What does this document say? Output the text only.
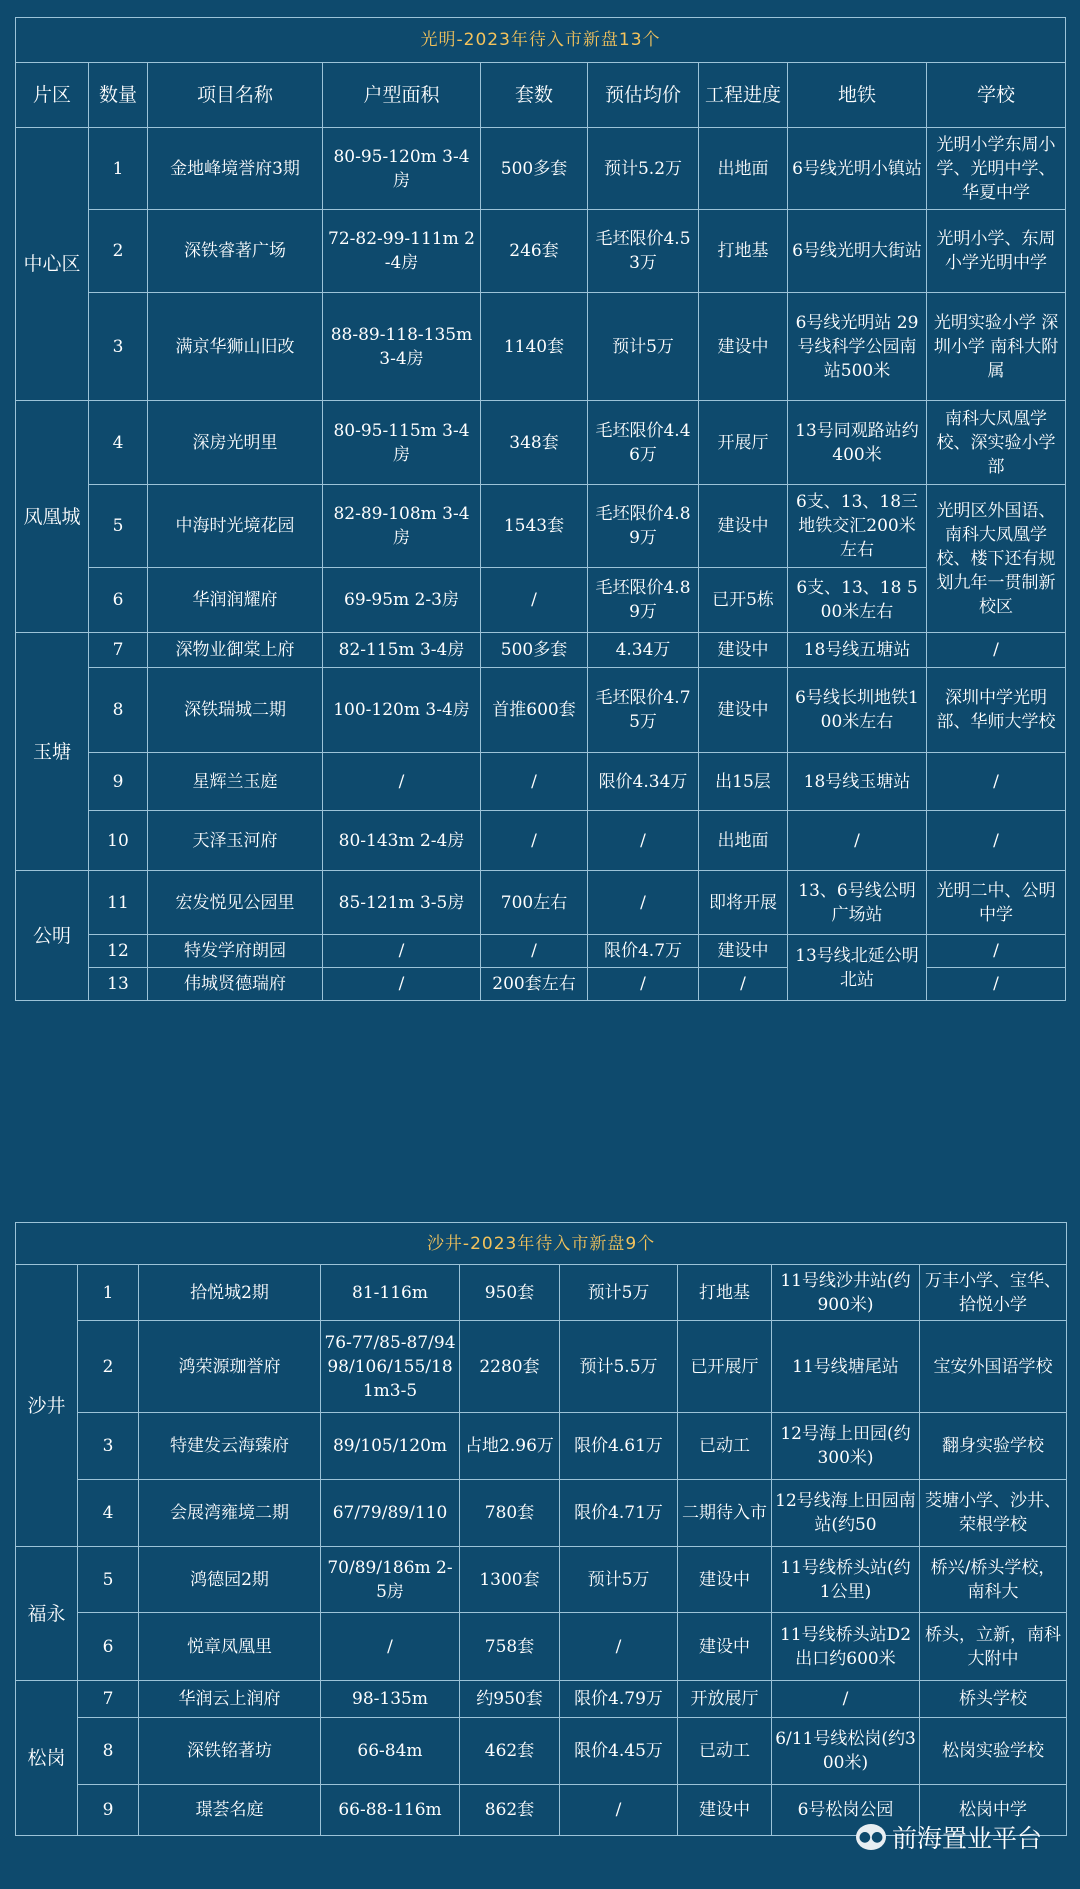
光明-2023年待入市新盘13个								
片区	数量	项目名称	户型面积	套数	预估均价	工程进度	地铁	学校
中心区	1	金地峰境誉府3期	80-95-120m 3-4房	500多套	预计5.2万	出地面	6号线光明小镇站	光明小学东周小学、光明中学、华夏中学
	2	深铁睿著广场	72-82-99-111m 2-4房	246套	毛坯限价4.53万	打地基	6号线光明大街站	光明小学、东周小学光明中学
	3	满京华狮山旧改	88-89-118-135m 3-4房	1140套	预计5万	建设中	6号线光明站 29号线科学公园南站500米	光明实验小学 深圳小学 南科大附属
凤凰城	4	深房光明里	80-95-115m 3-4房	348套	毛坯限价4.46万	开展厅	13号同观路站约400米	南科大凤凰学校、深实验小学部
	5	中海时光境花园	82-89-108m 3-4房	1543套	毛坯限价4.89万	建设中	6支、13、18三地铁交汇200米左右	光明区外国语、南科大凤凰学校、楼下还有规划九年一贯制新校区
	6	华润润耀府	69-95m 2-3房	/	毛坯限价4.89万	已开5栋	6支、13、18 500米左右	
玉塘	7	深物业御棠上府	82-115m 3-4房	500多套	4.34万	建设中	18号线五塘站	/
	8	深铁瑞城二期	100-120m 3-4房	首推600套	毛坯限价4.75万	建设中	6号线长圳地铁100米左右	深圳中学光明部、华师大学校
	9	星辉兰玉庭	/	/	限价4.34万	出15层	18号线玉塘站	/
	10	天泽玉河府	80-143m 2-4房	/	/	出地面	/	/
公明	11	宏发悦见公园里	85-121m 3-5房	700左右	/	即将开展	13、6号线公明广场站	光明二中、公明中学
	12	特发学府朗园	/	/	限价4.7万	建设中	13号线北延公明北站	/
	13	伟城贤德瑞府	/	200套左右	/	/		/
沙井-2023年待入市新盘9个								
沙井	1	拾悦城2期	81-116m	950套	预计5万	打地基	11号线沙井站(约900米)	万丰小学、宝华、拾悦小学
	2	鸿荣源珈誉府	76-77/85-87/9498/106/155/181m3-5	2280套	预计5.5万	已开展厅	11号线塘尾站	宝安外国语学校
	3	特建发云海臻府	89/105/120m	占地2.96万	限价4.61万	已动工	12号海上田园(约300米)	翻身实验学校
	4	会展湾雍境二期	67/79/89/110	780套	限价4.71万	二期待入市	12号线海上田园南站(约50	茭塘小学、沙井、荣根学校
福永	5	鸿德园2期	70/89/186m 2-5房	1300套	预计5万	建设中	11号线桥头站(约1公里)	桥兴/桥头学校，南科大
	6	悦章凤凰里	/	758套	/	建设中	11号线桥头站D2出口约600米	桥头，立新，南科大附中
松岗	7	华润云上润府	98-135m	约950套	限价4.79万	开放展厅	/	桥头学校
	8	深铁铭著坊	66-84m	462套	限价4.45万	已动工	6/11号线松岗(约300米)	松岗实验学校
	9	璟荟名庭	66-88-116m	862套	/	建设中	6号松岗公园	松岗中学
●● 前海置业平台
